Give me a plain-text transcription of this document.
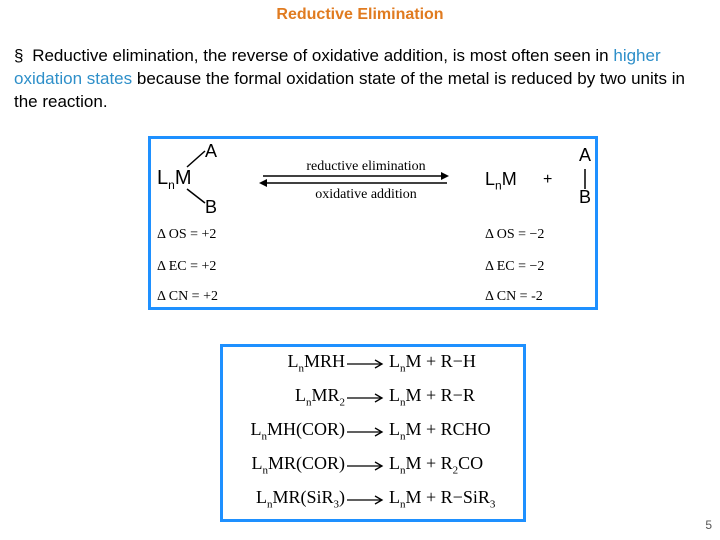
Reductive Elimination
§ Reductive elimination, the reverse of oxidative addition, is most often seen in higher oxidation states because the formal oxidation state of the metal is reduced by two units in the reaction.
$L_nM$
A
B
reductive elimination
oxidative addition
$L_nM$ +
A
B
Δ OS = +2
Δ EC = +2
Δ CN = +2
Δ OS = −2
Δ EC = −2
Δ CN = -2
$L_nMRH \to L_nM + R-H$
$L_nMR_2 \to L_nM + R-R$
$L_nMH(COR) \to L_nM$ + RCHO
$L_nMR(COR) \to L_nM + R_2CO$
$L_nMR(SiR_3) \to L_nM + R-SiR_3$
5
